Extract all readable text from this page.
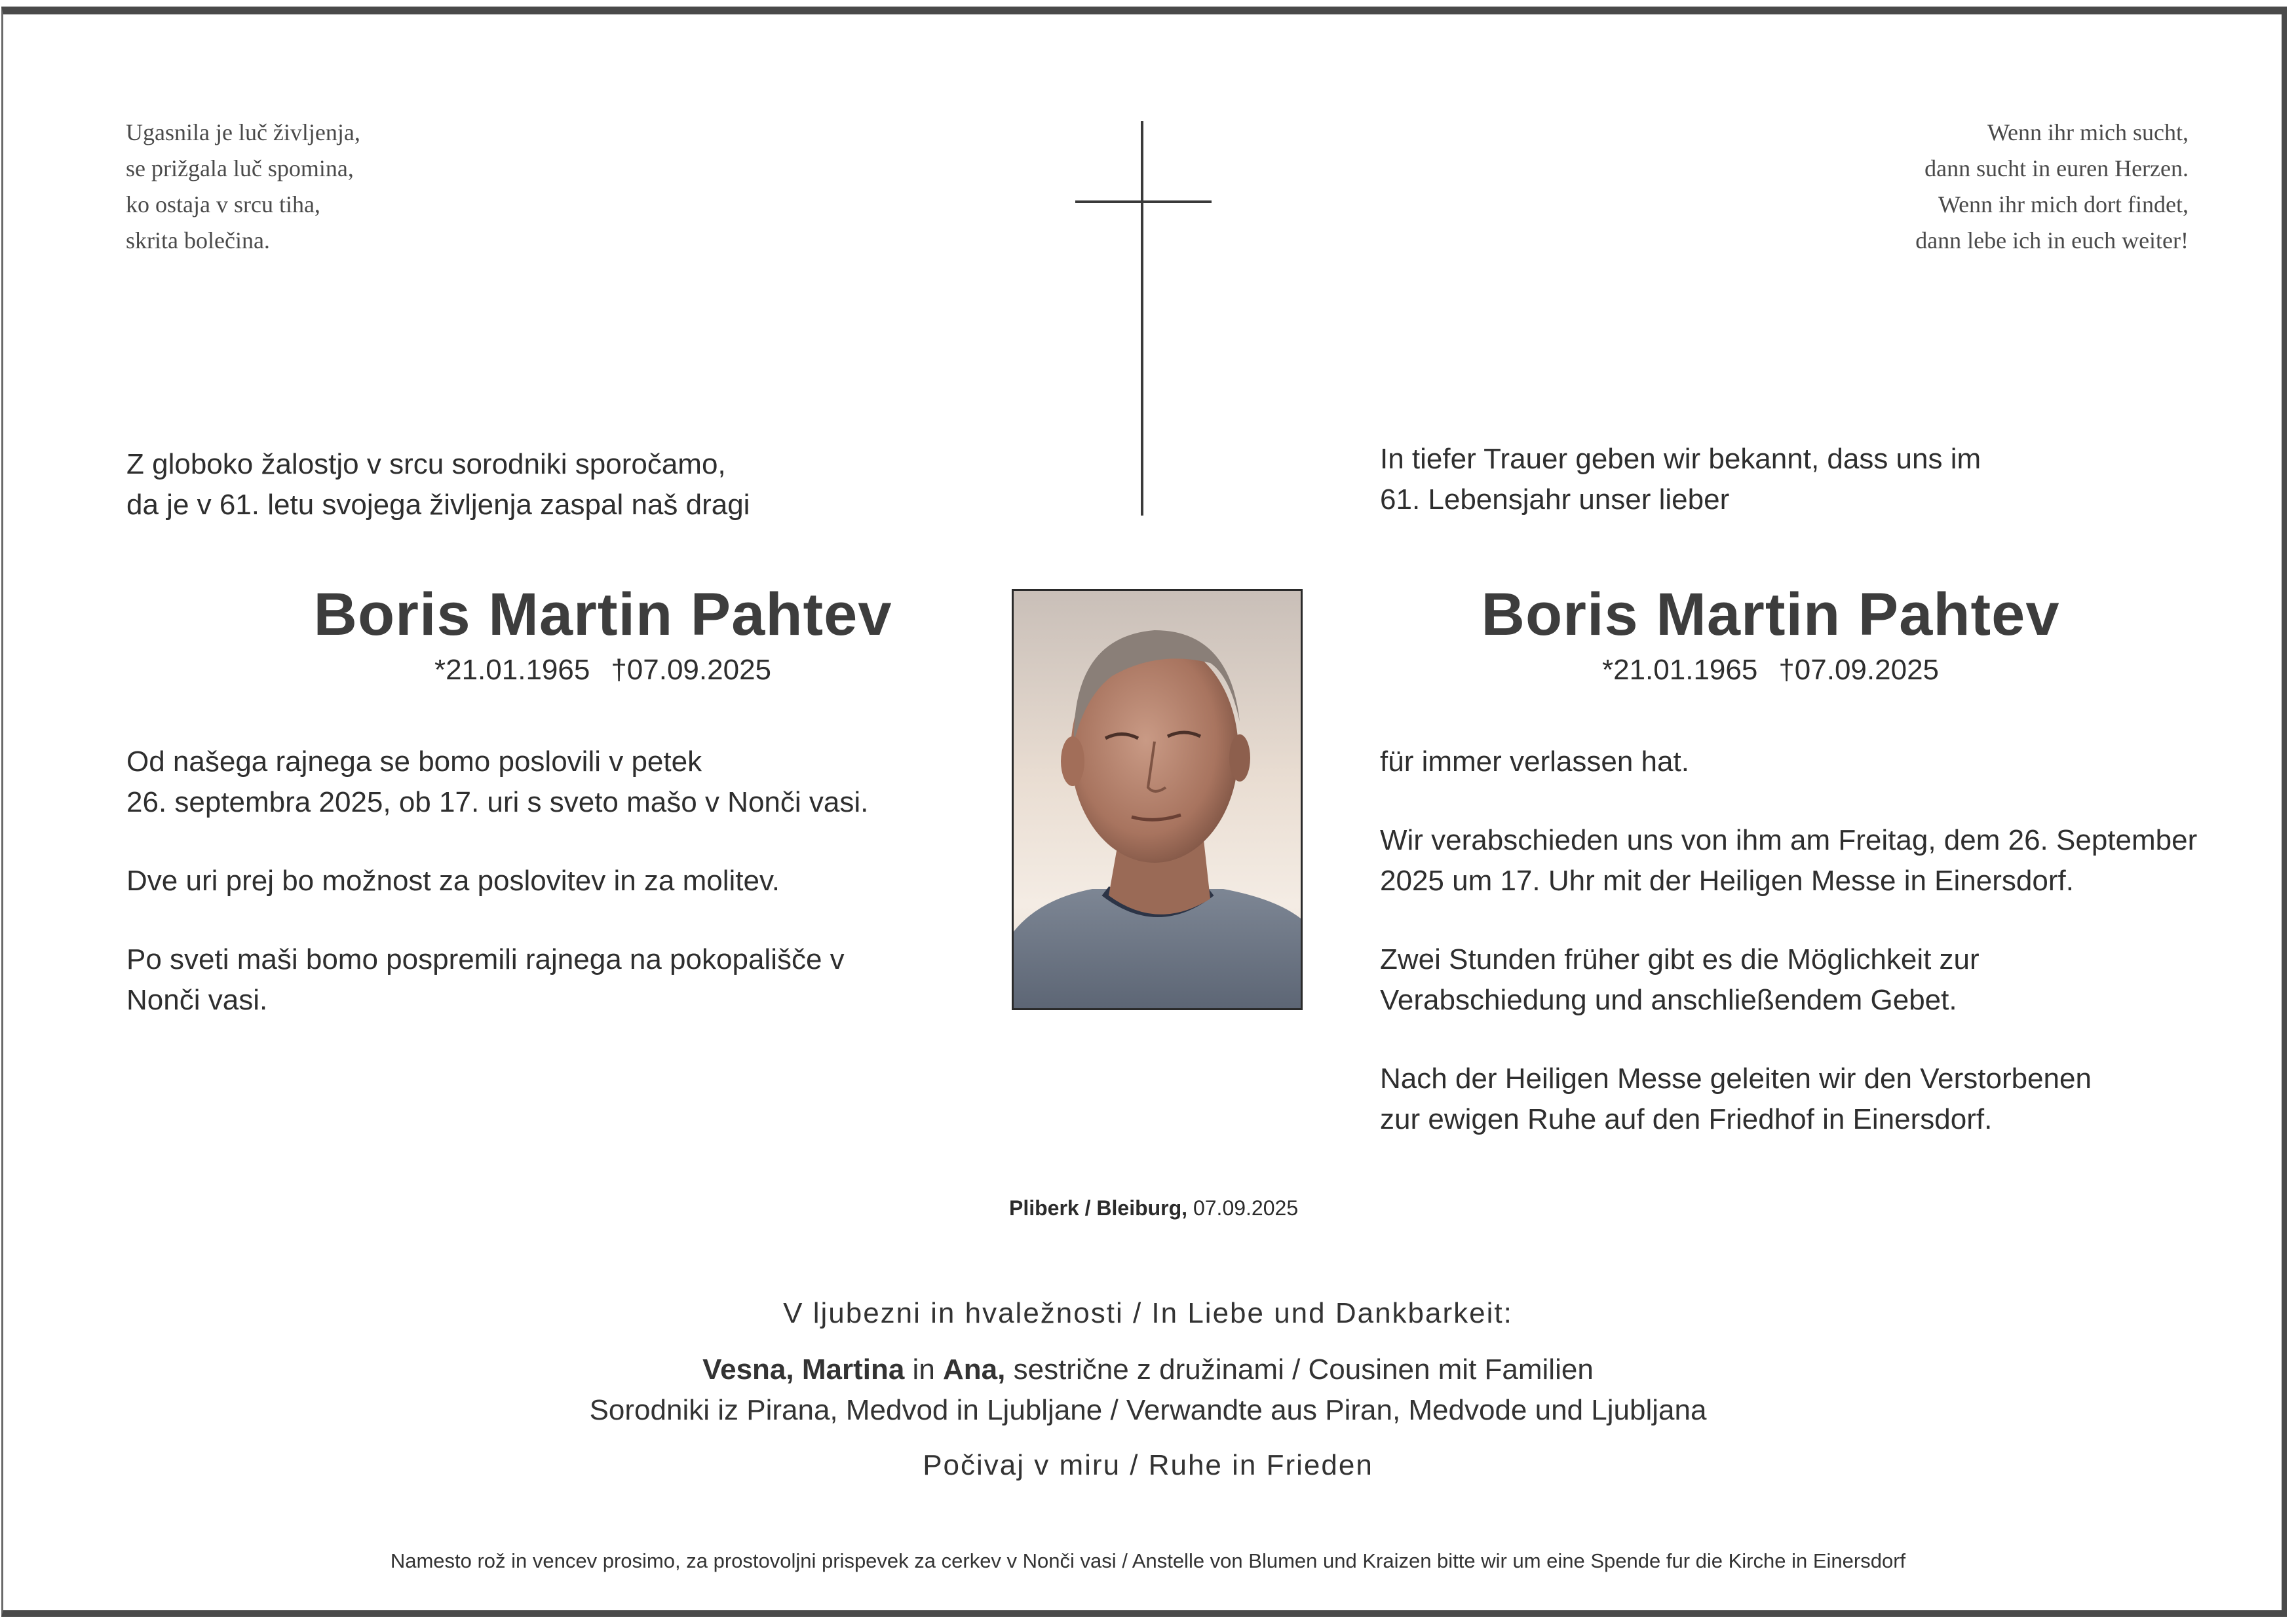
Ugasnila je luč življenja,
se prižgala luč spomina,
ko ostaja v srcu tiha,
skrita bolečina.
Wenn ihr mich sucht,
dann sucht in euren Herzen.
Wenn ihr mich dort findet,
dann lebe ich in euch weiter!
Z globoko žalostjo v srcu sorodniki sporočamo,
da je v 61. letu svojega življenja zaspal naš dragi
Boris Martin Pahtev
*21.01.1965 †07.09.2025
Od našega rajnega se bomo poslovili v petek
26. septembra 2025, ob 17. uri s sveto mašo v Nonči vasi.
Dve uri prej bo možnost za poslovitev in za molitev.
Po sveti maši bomo pospremili rajnega na pokopališče v
Nonči vasi.
In tiefer Trauer geben wir bekannt, dass uns im
61. Lebensjahr unser lieber
Boris Martin Pahtev
*21.01.1965 †07.09.2025
für immer verlassen hat.
Wir verabschieden uns von ihm am Freitag, dem 26. September
2025 um 17. Uhr mit der Heiligen Messe in Einersdorf.
Zwei Stunden früher gibt es die Möglichkeit zur
Verabschiedung und anschließendem Gebet.
Nach der Heiligen Messe geleiten wir den Verstorbenen
zur ewigen Ruhe auf den Friedhof in Einersdorf.
Pliberk / Bleiburg, 07.09.2025
V ljubezni in hvaležnosti / In Liebe und Dankbarkeit:
Vesna, Martina in Ana, sestrične z družinami / Cousinen mit Familien
Sorodniki iz Pirana, Medvod in Ljubljane / Verwandte aus Piran, Medvode und Ljubljana
Počivaj v miru / Ruhe in Frieden
Namesto rož in vencev prosimo, za prostovoljni prispevek za cerkev v Nonči vasi / Anstelle von Blumen und Kraizen bitte wir um eine Spende fur die Kirche in Einersdorf
